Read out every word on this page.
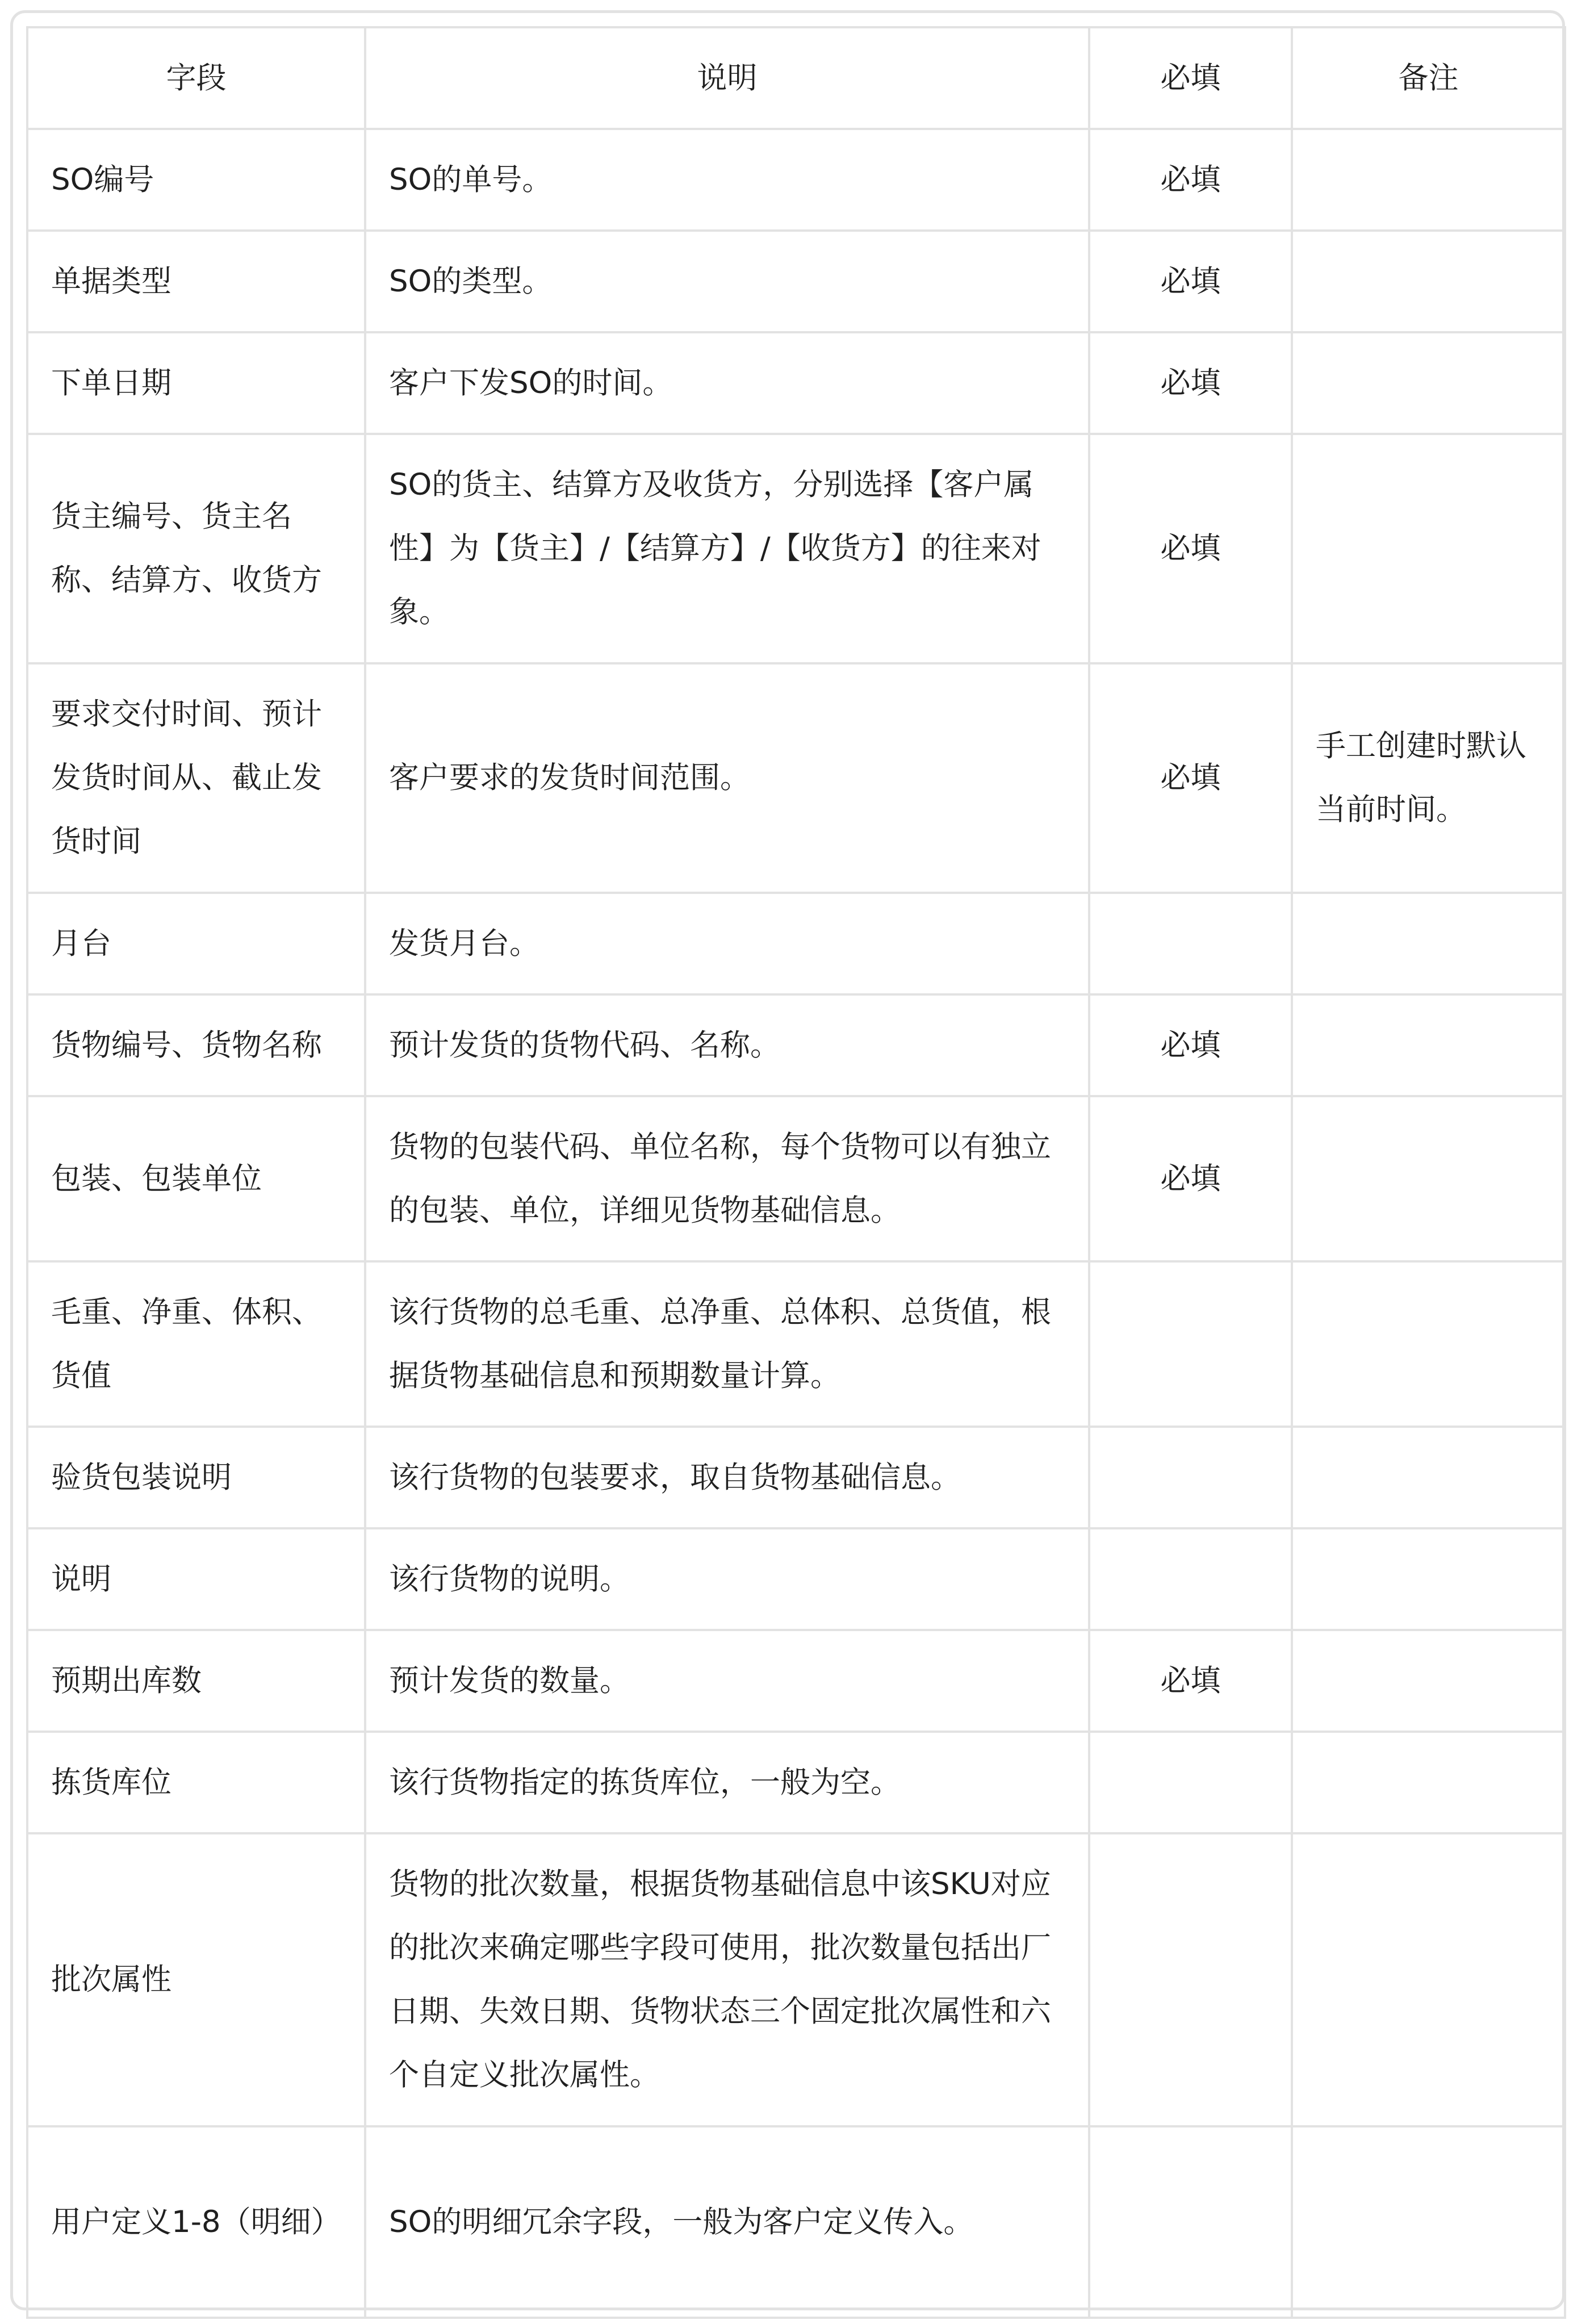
字段	说明	必填	备注
SO编号	SO的单号。	必填	
单据类型	SO的类型。	必填	
下单日期	客户下发SO的时间。	必填	
货主编号、货主名称、结算方、收货方	SO的货主、结算方及收货方，分别选择【客户属性】为【货主】/【结算方】/【收货方】的往来对象。	必填	
要求交付时间、预计发货时间从、截止发货时间	客户要求的发货时间范围。	必填	手工创建时默认当前时间。
月台	发货月台。		
货物编号、货物名称	预计发货的货物代码、名称。	必填	
包装、包装单位	货物的包装代码、单位名称，每个货物可以有独立的包装、单位，详细见货物基础信息。	必填	
毛重、净重、体积、货值	该行货物的总毛重、总净重、总体积、总货值，根据货物基础信息和预期数量计算。		
验货包装说明	该行货物的包装要求，取自货物基础信息。		
说明	该行货物的说明。		
预期出库数	预计发货的数量。	必填	
拣货库位	该行货物指定的拣货库位，一般为空。		
批次属性	货物的批次数量，根据货物基础信息中该SKU对应的批次来确定哪些字段可使用，批次数量包括出厂日期、失效日期、货物状态三个固定批次属性和六个自定义批次属性。		
用户定义1-8（明细）	SO的明细冗余字段，一般为客户定义传入。		
